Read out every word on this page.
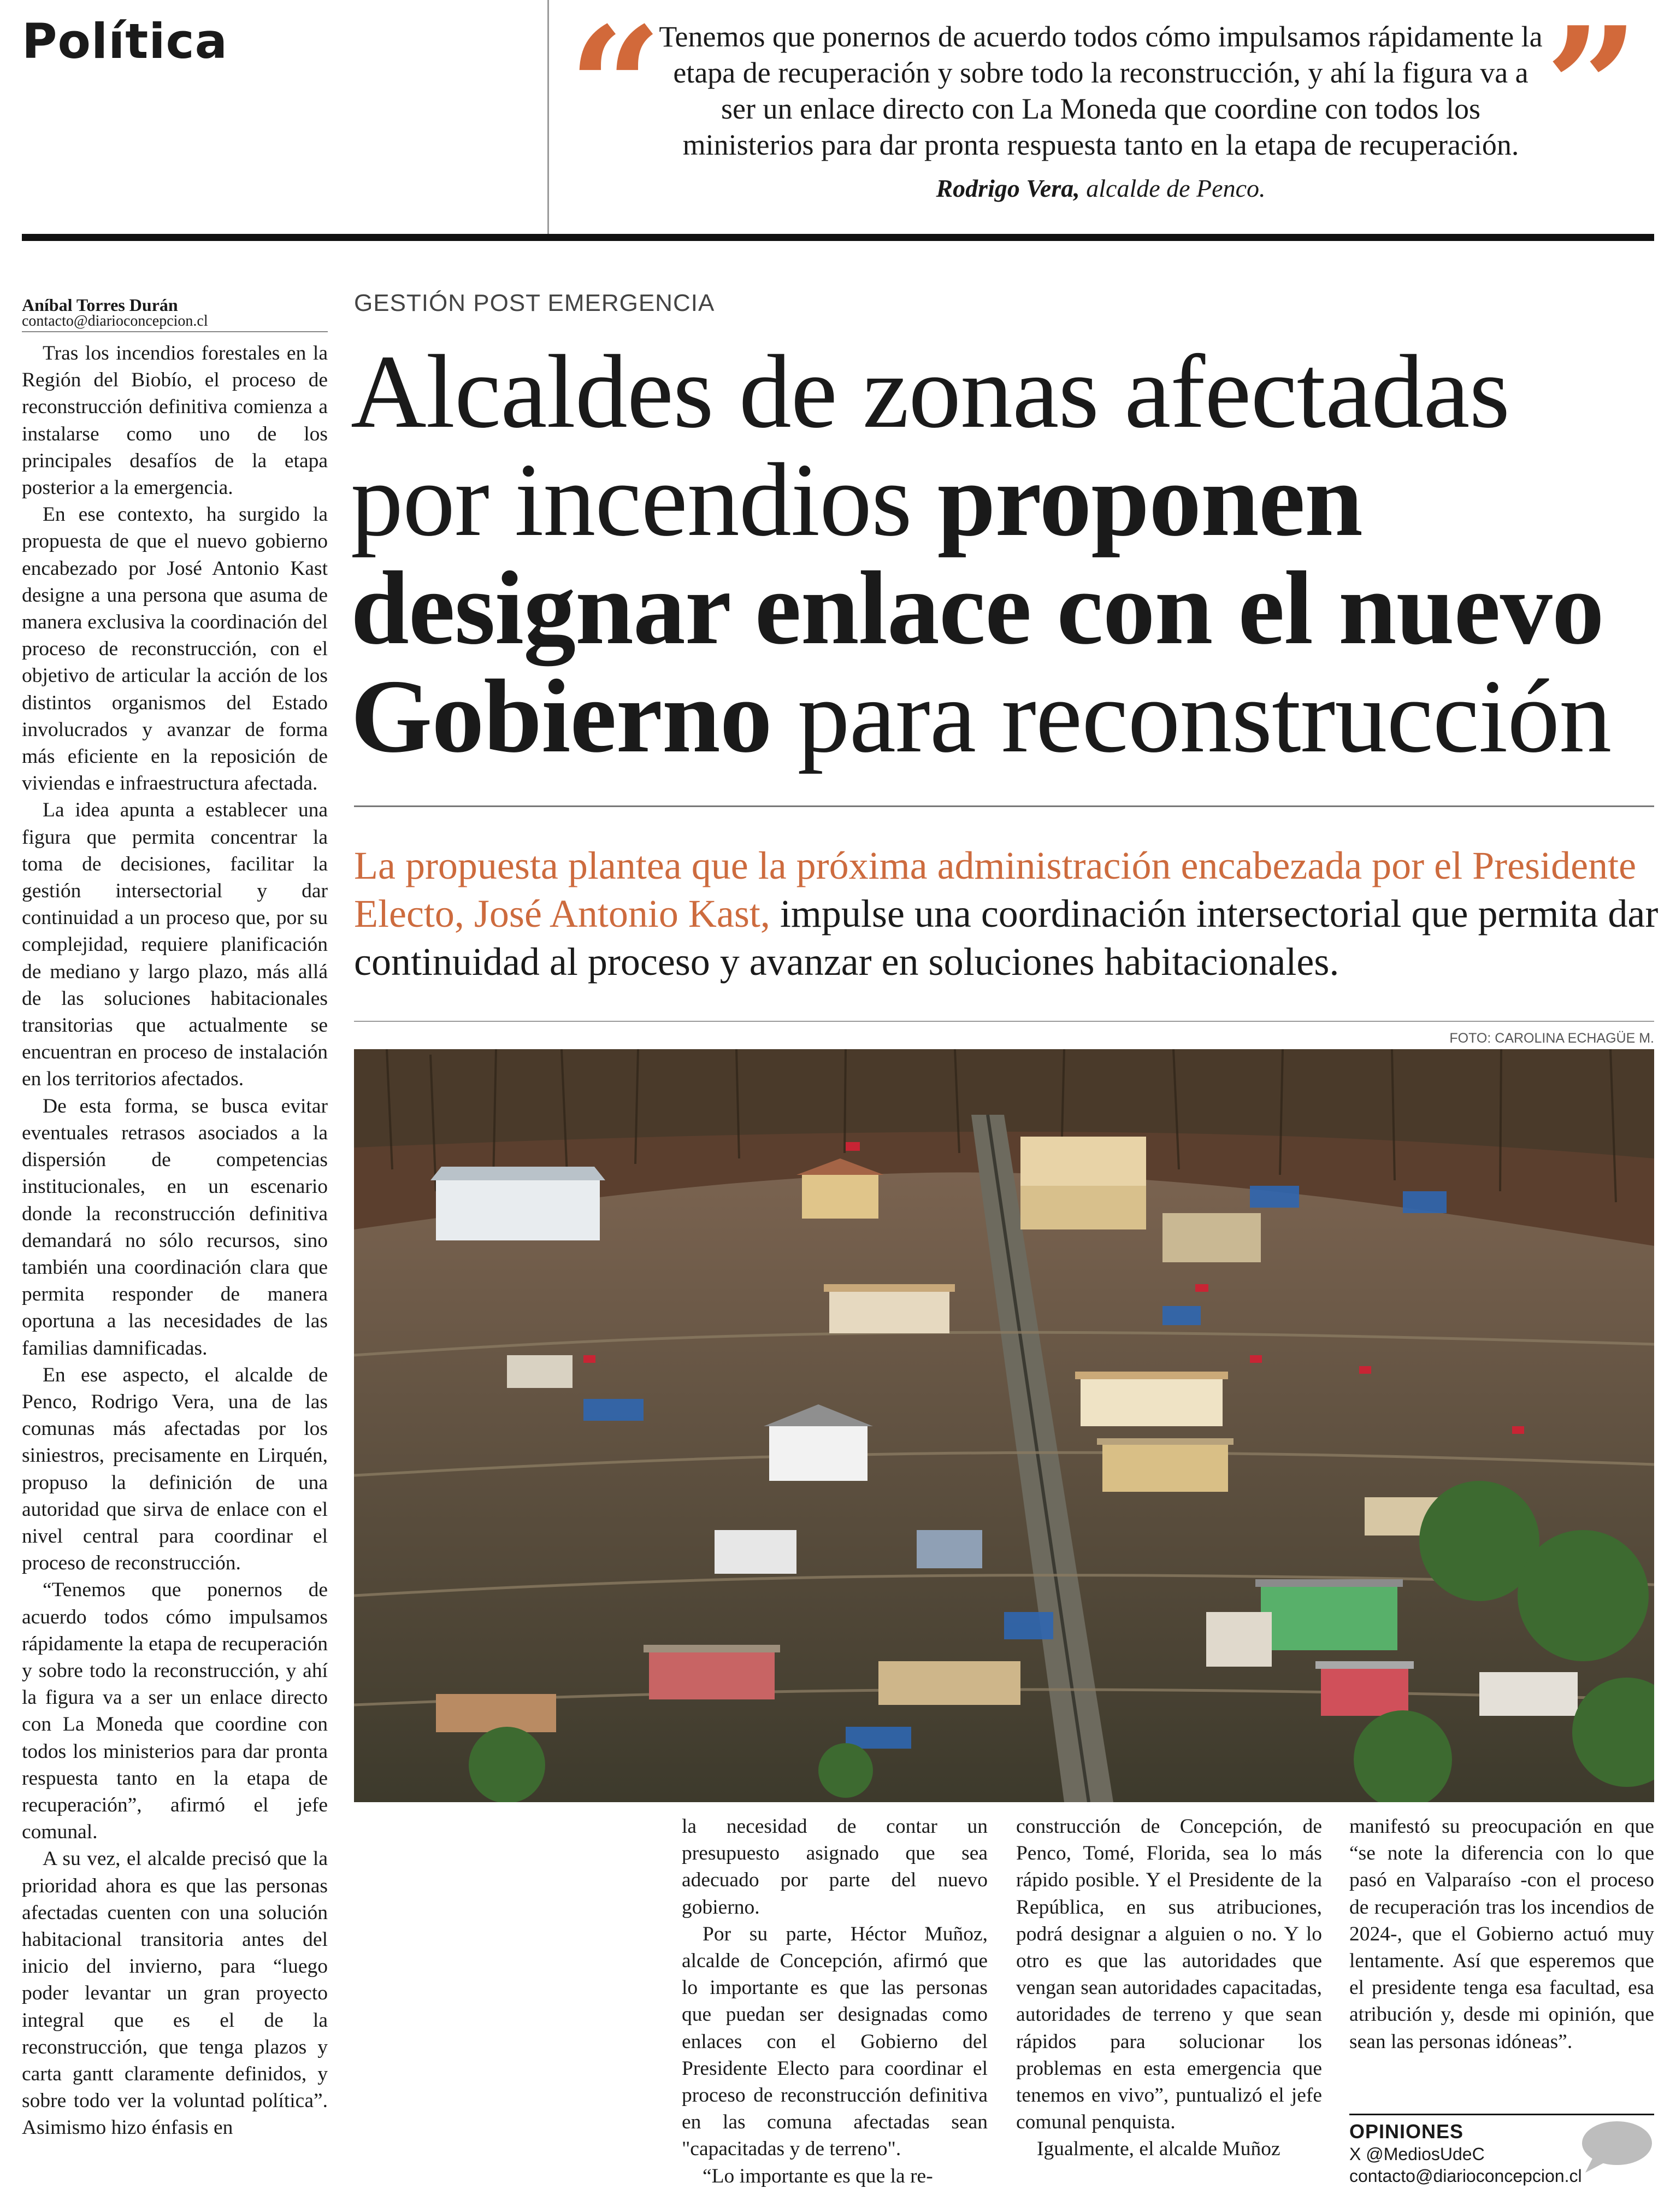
Política “
Tenemos que ponernos de acuerdo todos cómo impulsamos rápidamente la etapa de recuperación y sobre todo la reconstrucción, y ahí la figura va a ser un enlace directo con La Moneda que coordine con todos los ministerios para dar pronta respuesta tanto en la etapa de recuperación. ”
Rodrigo Vera, alcalde de Penco.
Aníbal Torres Durán
contacto@diarioconcepcion.cl

Tras los incendios forestales en la Región del Biobío, el proceso de reconstrucción definitiva comienza a instalarse como uno de los principales desafíos de la etapa posterior a la emergencia.

En ese contexto, ha surgido la propuesta de que el nuevo gobierno encabezado por José Antonio Kast designe a una persona que asuma de manera exclusiva la coordinación del proceso de reconstrucción, con el objetivo de articular la acción de los distintos organismos del Estado involucrados y avanzar de forma más eficiente en la reposición de viviendas e infraestructura afectada.

La idea apunta a establecer una figura que permita concentrar la toma de decisiones, facilitar la gestión intersectorial y dar continuidad a un proceso que, por su complejidad, requiere planificación de mediano y largo plazo, más allá de las soluciones habitacionales transitorias que actualmente se encuentran en proceso de instalación en los territorios afectados.

De esta forma, se busca evitar eventuales retrasos asociados a la dispersión de competencias institucionales, en un escenario donde la reconstrucción definitiva demandará no sólo recursos, sino también una coordinación clara que permita responder de manera oportuna a las necesidades de las familias damnificadas.

En ese aspecto, el alcalde de Penco, Rodrigo Vera, una de las comunas más afectadas por los siniestros, precisamente en Lirquén, propuso la definición de una autoridad que sirva de enlace con el nivel central para coordinar el proceso de reconstrucción.

“Tenemos que ponernos de acuerdo todos cómo impulsamos rápidamente la etapa de recuperación y sobre todo la reconstrucción, y ahí la figura va a ser un enlace directo con La Moneda que coordine con todos los ministerios para dar pronta respuesta tanto en la etapa de recuperación”, afirmó el jefe comunal.

A su vez, el alcalde precisó que la prioridad ahora es que las personas afectadas cuenten con una solución habitacional transitoria antes del inicio del invierno, para “luego poder levantar un gran proyecto integral que es el de la reconstrucción, que tenga plazos y carta gantt claramente definidos, y sobre todo ver la voluntad política”. Asimismo hizo énfasis en

GESTIÓN POST EMERGENCIA
Alcaldes de zonas afectadas por incendios proponen designar enlace con el nuevo Gobierno para reconstrucción
La propuesta plantea que la próxima administración encabezada por el Presidente Electo, José Antonio Kast, impulse una coordinación intersectorial que permita dar continuidad al proceso y avanzar en soluciones habitacionales.
FOTO: CAROLINA ECHAGÜE M.

la necesidad de contar un presupuesto asignado que sea adecuado por parte del nuevo gobierno.

Por su parte, Héctor Muñoz, alcalde de Concepción, afirmó que lo importante es que las personas que puedan ser designadas como enlaces con el Gobierno del Presidente Electo para coordinar el proceso de reconstrucción definitiva en las comuna afectadas sean "capacitadas y de terreno".

“Lo importante es que la re-

construcción de Concepción, de Penco, Tomé, Florida, sea lo más rápido posible. Y el Presidente de la República, en sus atribuciones, podrá designar a alguien o no. Y lo otro es que las autoridades que vengan sean autoridades capacitadas, autoridades de terreno y que sean rápidos para solucionar los problemas en esta emergencia que tenemos en vivo”, puntualizó el jefe comunal penquista.

Igualmente, el alcalde Muñoz

manifestó su preocupación en que “se note la diferencia con lo que pasó en Valparaíso -con el proceso de recuperación tras los incendios de 2024-, que el Gobierno actuó muy lentamente. Así que esperemos que el presidente tenga esa facultad, esa atribución y, desde mi opinión, que sean las personas idóneas”.

OPINIONES
X @MediosUdeC
contacto@diarioconcepcion.cl
